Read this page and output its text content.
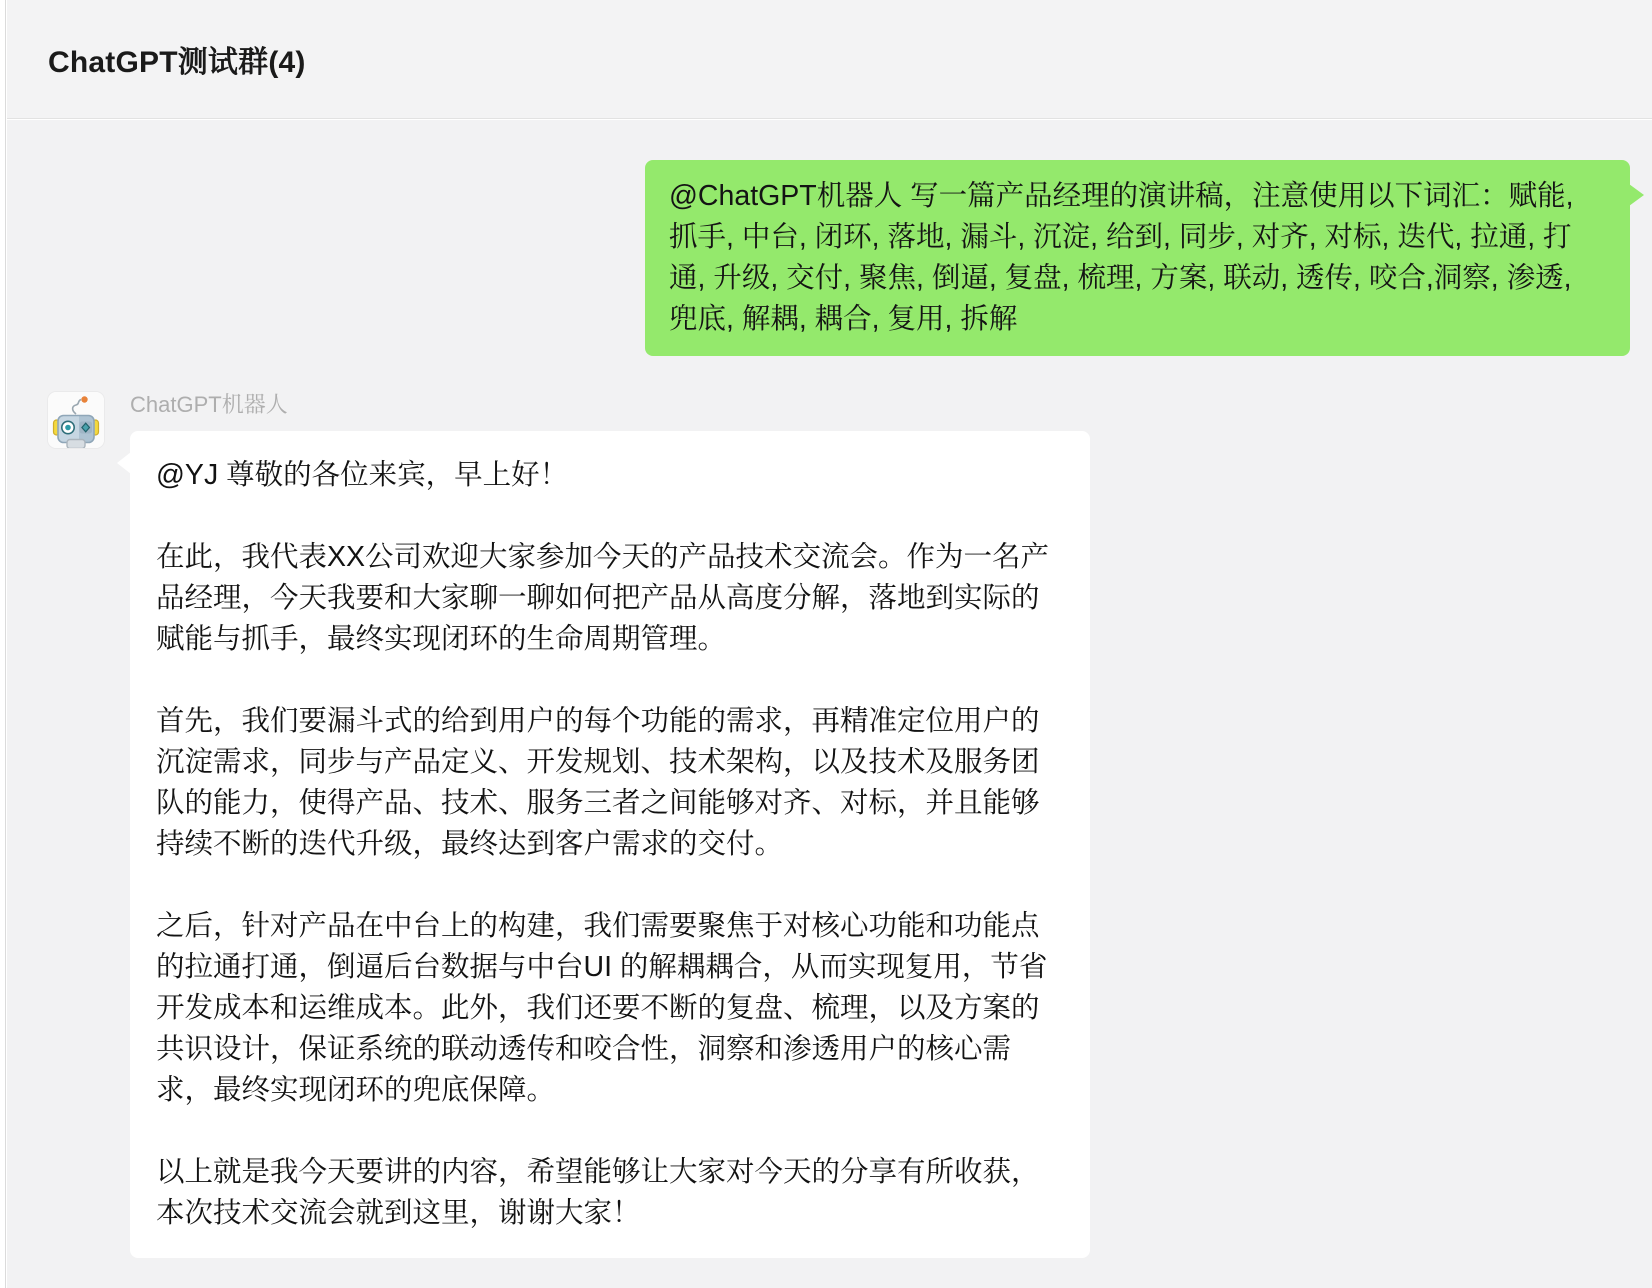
ChatGPT测试群(4)
@ChatGPT机器人 写一篇产品经理的演讲稿，注意使用以下词汇：赋能, 抓手, 中台, 闭环, 落地, 漏斗, 沉淀, 给到, 同步, 对齐, 对标, 迭代, 拉通, 打通, 升级, 交付, 聚焦, 倒逼, 复盘, 梳理, 方案, 联动, 透传, 咬合,洞察, 渗透, 兜底, 解耦, 耦合, 复用, 拆解
ChatGPT机器人

@YJ 尊敬的各位来宾，早上好！

在此，我代表XX公司欢迎大家参加今天的产品技术交流会。作为一名产品经理，今天我要和大家聊一聊如何把产品从高度分解，落地到实际的赋能与抓手，最终实现闭环的生命周期管理。

首先，我们要漏斗式的给到用户的每个功能的需求，再精准定位用户的沉淀需求，同步与产品定义、开发规划、技术架构，以及技术及服务团队的能力，使得产品、技术、服务三者之间能够对齐、对标，并且能够持续不断的迭代升级，最终达到客户需求的交付。

之后，针对产品在中台上的构建，我们需要聚焦于对核心功能和功能点的拉通打通，倒逼后台数据与中台UI 的解耦耦合，从而实现复用，节省开发成本和运维成本。此外，我们还要不断的复盘、梳理，以及方案的共识设计，保证系统的联动透传和咬合性，洞察和渗透用户的核心需求，最终实现闭环的兜底保障。

以上就是我今天要讲的内容，希望能够让大家对今天的分享有所收获，本次技术交流会就到这里，谢谢大家！
